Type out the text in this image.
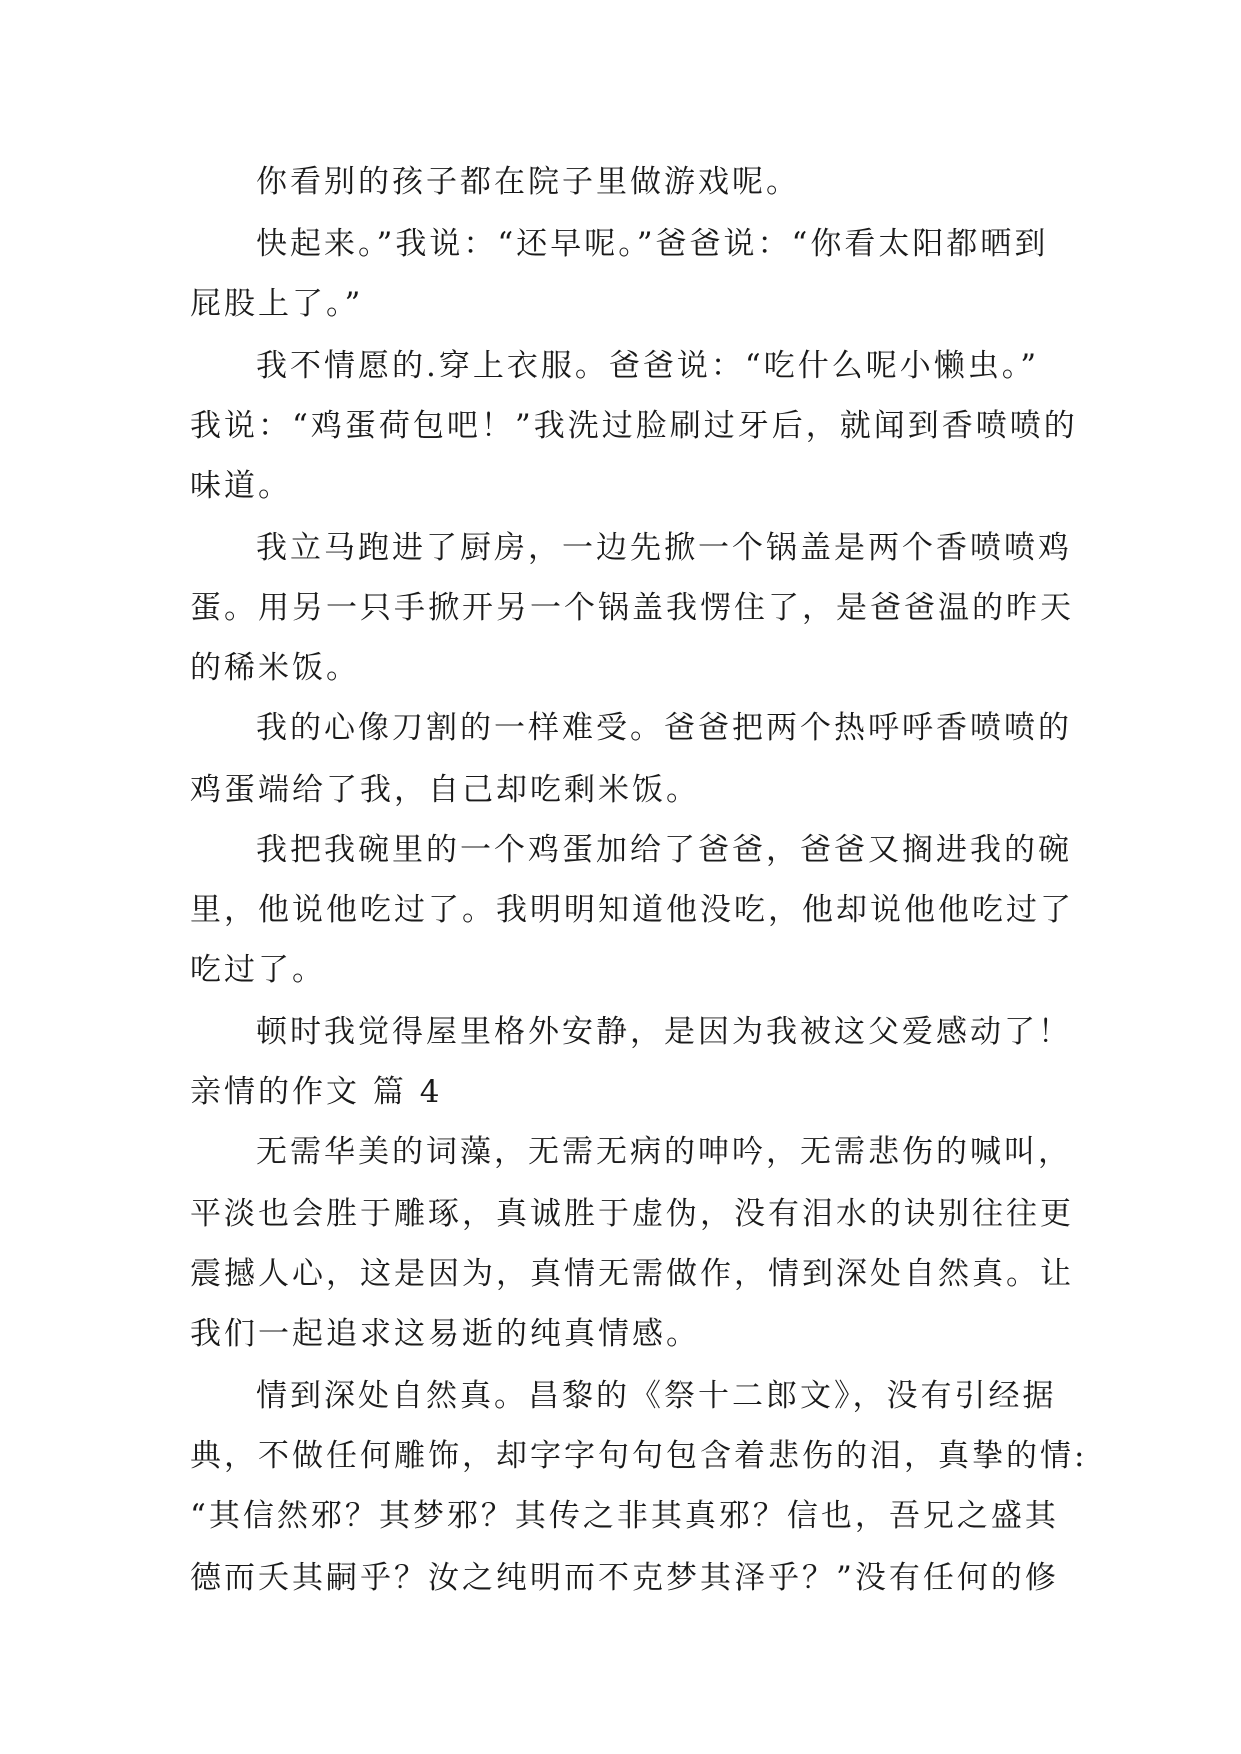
你看别的孩子都在院子里做游戏呢。
快起来。”我说：“还早呢。”爸爸说：“你看太阳都晒到
屁股上了。”
我不情愿的.穿上衣服。爸爸说：“吃什么呢小懒虫。”
我说：“鸡蛋荷包吧！”我洗过脸刷过牙后，就闻到香喷喷的
味道。
我立马跑进了厨房，一边先掀一个锅盖是两个香喷喷鸡
蛋。用另一只手掀开另一个锅盖我愣住了，是爸爸温的昨天
的稀米饭。
我的心像刀割的一样难受。爸爸把两个热呼呼香喷喷的
鸡蛋端给了我，自己却吃剩米饭。
我把我碗里的一个鸡蛋加给了爸爸，爸爸又搁进我的碗
里，他说他吃过了。我明明知道他没吃，他却说他他吃过了
吃过了。
顿时我觉得屋里格外安静，是因为我被这父爱感动了！
亲情的作文 篇 4
无需华美的词藻，无需无病的呻吟，无需悲伤的喊叫，
平淡也会胜于雕琢，真诚胜于虚伪，没有泪水的诀别往往更
震撼人心，这是因为，真情无需做作，情到深处自然真。让
我们一起追求这易逝的纯真情感。
情到深处自然真。昌黎的《祭十二郎文》，没有引经据
典，不做任何雕饰，却字字句句包含着悲伤的泪，真挚的情:
“其信然邪？其梦邪？其传之非其真邪？信也，吾兄之盛其
德而夭其嗣乎？汝之纯明而不克梦其泽乎？”没有任何的修
